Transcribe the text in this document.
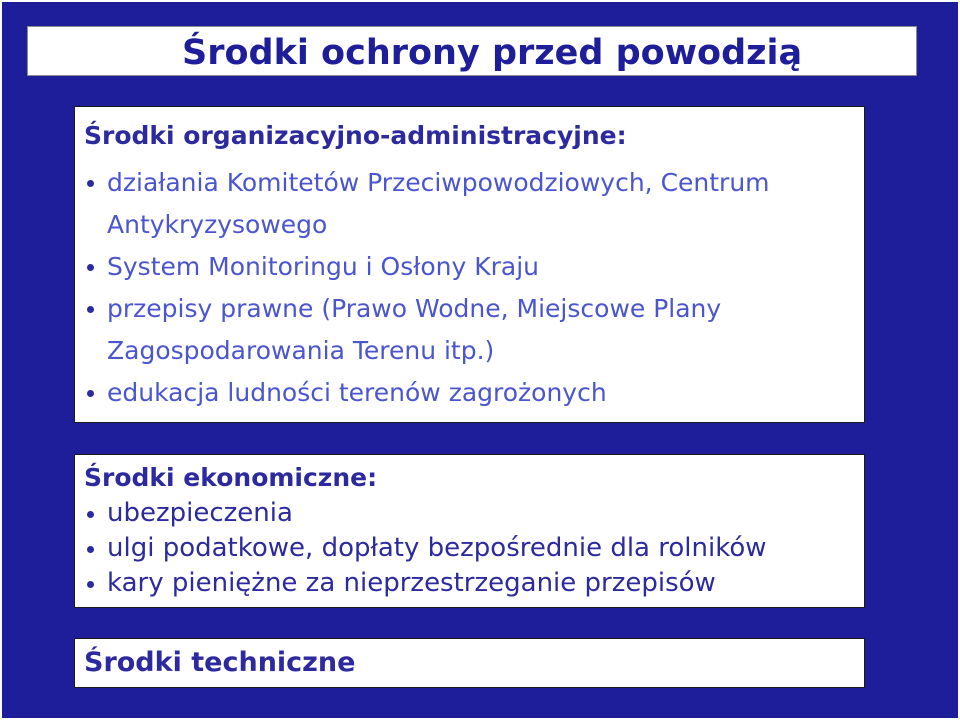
Środki ochrony przed powodzią
Środki organizacyjno-administracyjne:
działania Komitetów Przeciwpowodziowych, Centrum
Antykryzysowego
System Monitoringu i Osłony Kraju
przepisy prawne (Prawo Wodne, Miejscowe Plany
Zagospodarowania Terenu itp.)
edukacja ludności terenów zagrożonych
Środki ekonomiczne:
ubezpieczenia
ulgi podatkowe, dopłaty bezpośrednie dla rolników
kary pieniężne za nieprzestrzeganie przepisów
Środki techniczne
